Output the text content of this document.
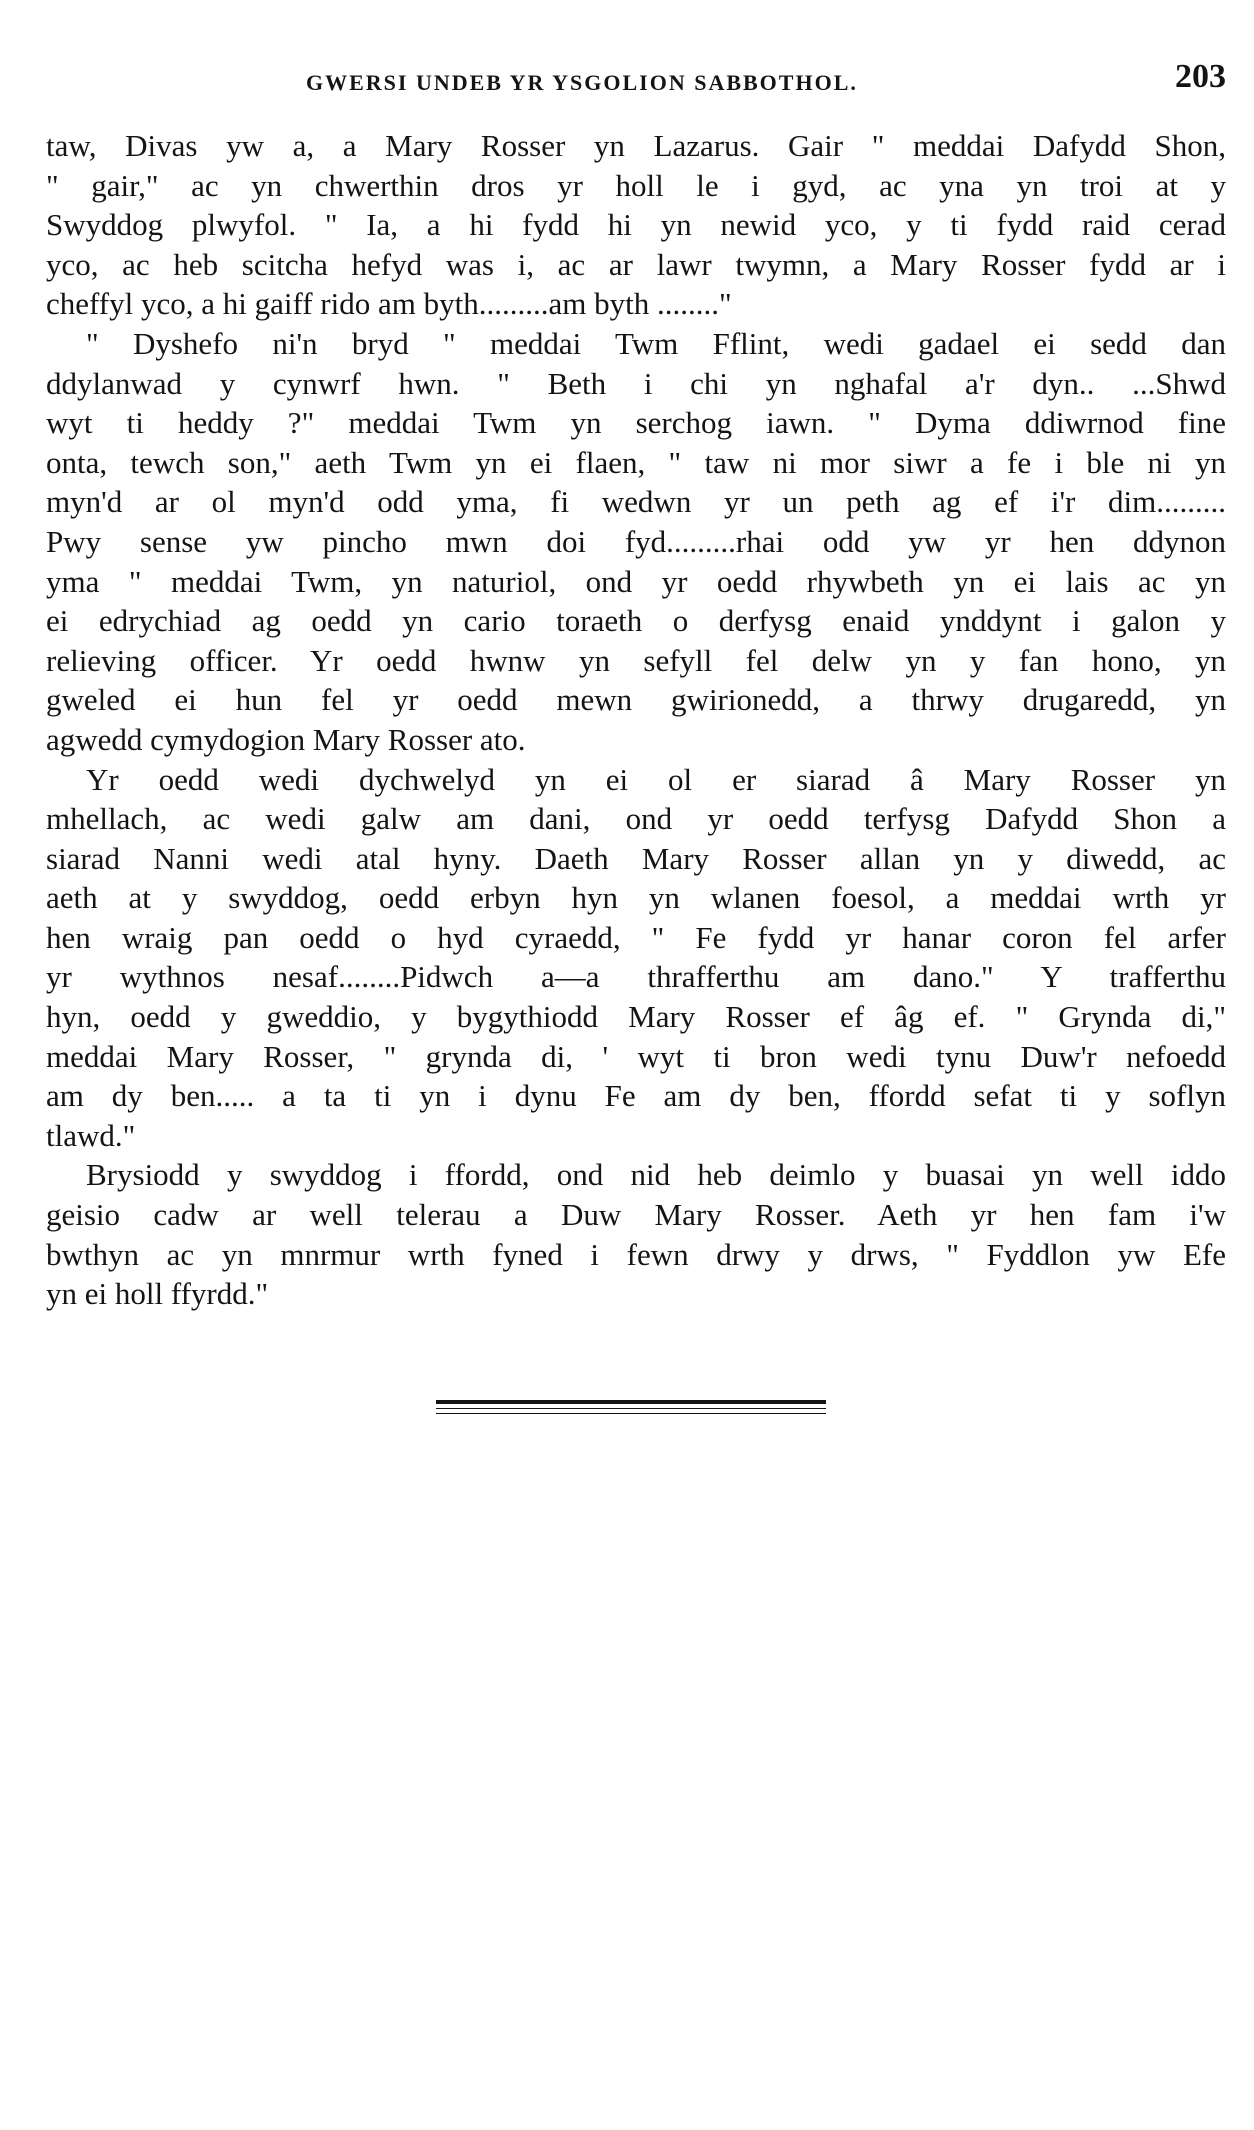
GWERSI UNDEB YR YSGOLION SABBOTHOL.	203
taw, Divas yw a, a Mary Rosser yn Lazarus. Gair " meddai Dafydd Shon,
" gair," ac yn chwerthin dros yr holl le i gyd, ac yna yn troi at y
Swyddog plwyfol. " Ia, a hi fydd hi yn newid yco, y ti fydd raid cerad
yco, ac heb scitcha hefyd was i, ac ar lawr twymn, a Mary Rosser fydd ar i
cheffyl yco, a hi gaiff rido am byth.........am byth ........"
" Dyshefo ni'n bryd " meddai Twm Fflint, wedi gadael ei sedd dan
ddylanwad y cynwrf hwn. " Beth i chi yn nghafal a'r dyn.. ...Shwd
wyt ti heddy ?" meddai Twm yn serchog iawn. " Dyma ddiwrnod fine
onta, tewch son," aeth Twm yn ei flaen, " taw ni mor siwr a fe i ble ni yn
myn'd ar ol myn'd odd yma, fi wedwn yr un peth ag ef i'r dim.........
Pwy sense yw pincho mwn doi fyd.........rhai odd yw yr hen ddynon
yma " meddai Twm, yn naturiol, ond yr oedd rhywbeth yn ei lais ac yn
ei edrychiad ag oedd yn cario toraeth o derfysg enaid ynddynt i galon y
relieving officer. Yr oedd hwnw yn sefyll fel delw yn y fan hono, yn
gweled ei hun fel yr oedd mewn gwirionedd, a thrwy drugaredd, yn
agwedd cymydogion Mary Rosser ato.
Yr oedd wedi dychwelyd yn ei ol er siarad â Mary Rosser yn
mhellach, ac wedi galw am dani, ond yr oedd terfysg Dafydd Shon a
siarad Nanni wedi atal hyny. Daeth Mary Rosser allan yn y diwedd, ac
aeth at y swyddog, oedd erbyn hyn yn wlanen foesol, a meddai wrth yr
hen wraig pan oedd o hyd cyraedd, " Fe fydd yr hanar coron fel arfer
yr wythnos nesaf........Pidwch a—a thrafferthu am dano." Y trafferthu
hyn, oedd y gweddio, y bygythiodd Mary Rosser ef âg ef. " Grynda di,"
meddai Mary Rosser, " grynda di, ' wyt ti bron wedi tynu Duw'r nefoedd
am dy ben..... a ta ti yn i dynu Fe am dy ben, ffordd sefat ti y soflyn
tlawd."
Brysiodd y swyddog i ffordd, ond nid heb deimlo y buasai yn well iddo
geisio cadw ar well telerau a Duw Mary Rosser. Aeth yr hen fam i'w
bwthyn ac yn mnrmur wrth fyned i fewn drwy y drws, " Fyddlon yw Efe
yn ei holl ffyrdd."
